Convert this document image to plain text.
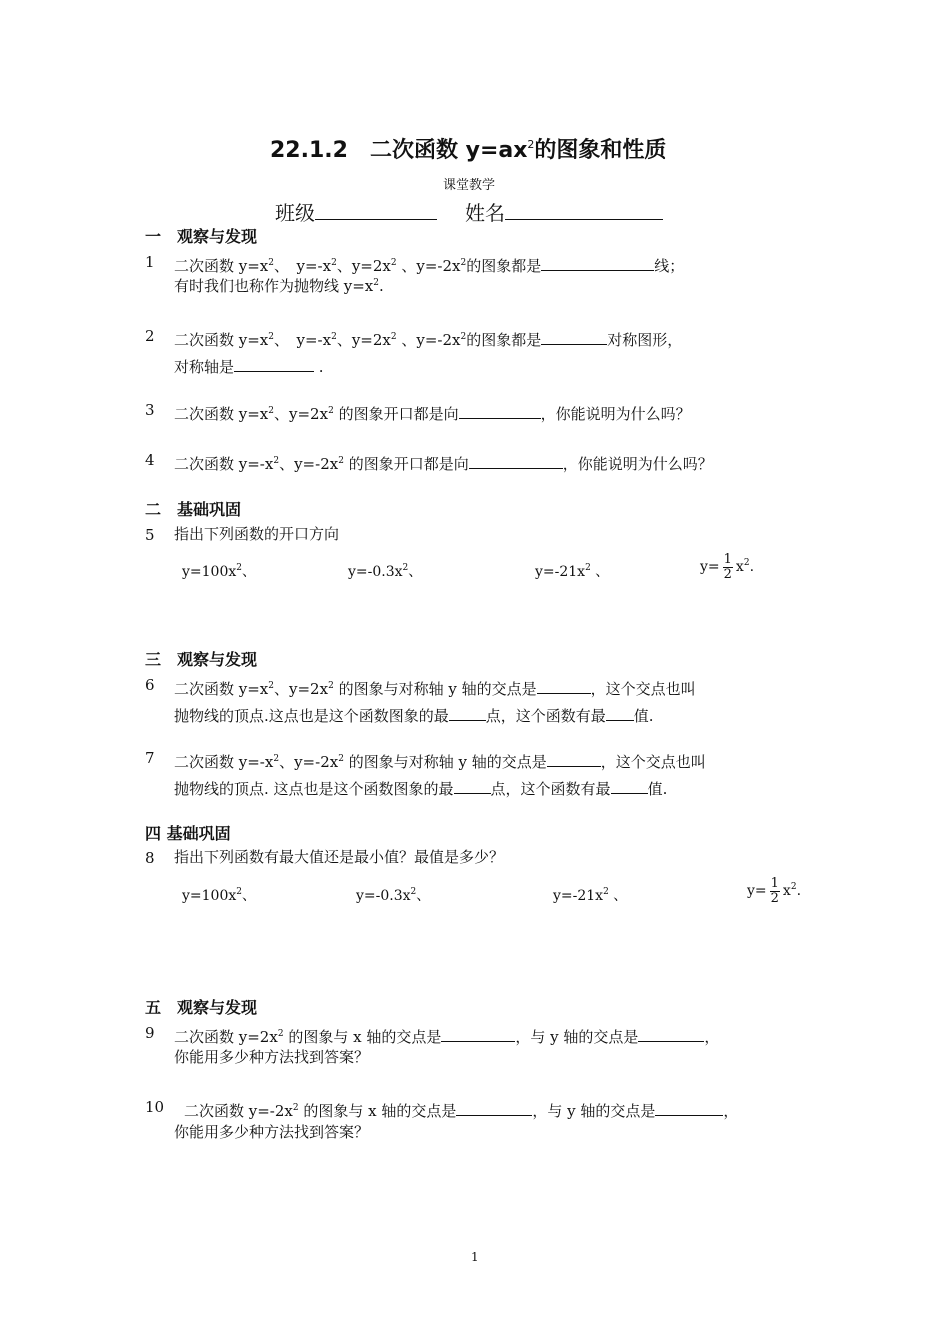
22.1.2　二次函数 $y=ax^2$的图象和性质
课堂教学
班级	姓名
一　观察与发现
1 二次函数 $y=x^2$、　$y=-x^2$、$y=2x^2$ 、$y=-2x^2$的图象都是	线；
有时我们也称作为抛物线 $y=x^2$.
2 二次函数 $y=x^2$、　$y=-x^2$、$y=2x^2$ 、$y=-2x^2$的图象都是	对称图形，
对称轴是	.
3 二次函数 $y=x^2$、$y=2x^2$ 的图象开口都是向	，你能说明为什么吗？
4 二次函数 $y=-x^2$、$y=-2x^2$ 的图象开口都是向	，你能说明为什么吗？
二　基础巩固
5 指出下列函数的开口方向
$y=100x^2$、	$y=-0.3x^2$、	$y=-21x^2$ 、	$y= \frac{1}{2} x^2$.
三　观察与发现
6 二次函数 $y=x^2$、$y=2x^2$ 的图象与对称轴 y 轴的交点是	，这个交点也叫
抛物线的顶点.这点也是这个函数图象的最 点，这个函数有最 值.
7 二次函数 $y=-x^2$、$y=-2x^2$ 的图象与对称轴 y 轴的交点是	，这个交点也叫
抛物线的顶点. 这点也是这个函数图象的最 点，这个函数有最 值.
四 基础巩固
8 指出下列函数有最大值还是最小值？最值是多少？
$y=100x^2$、	$y=-0.3x^2$、	$y=-21x^2$ 、	$y= \frac{1}{2} x^2$.
五　观察与发现
9 二次函数 $y=2x^2$ 的图象与 x 轴的交点是	，与 y 轴的交点是	，
你能用多少种方法找到答案？
10 二次函数 $y=-2x^2$ 的图象与 x 轴的交点是	，与 y 轴的交点是	，
你能用多少种方法找到答案？
1
